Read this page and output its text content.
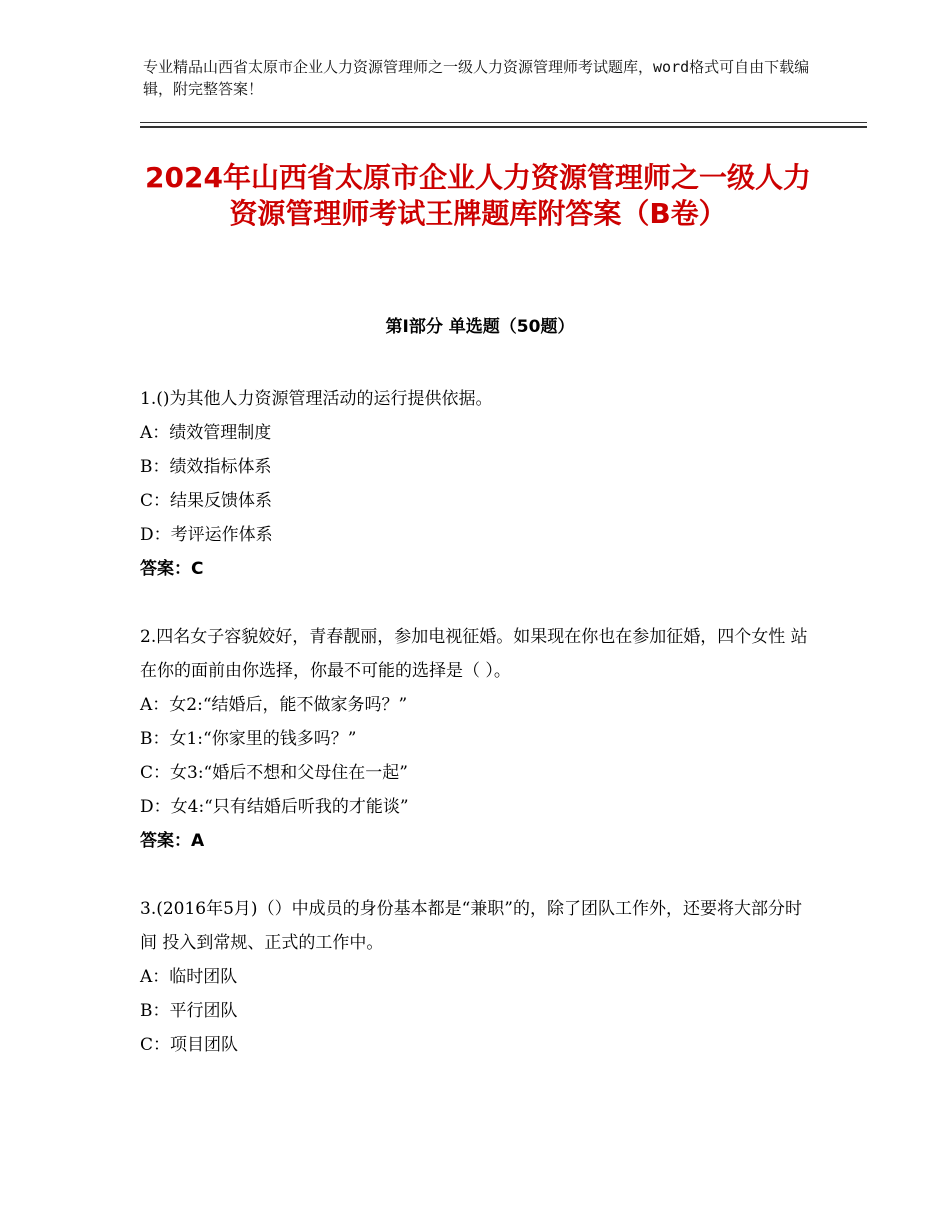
专业精品山西省太原市企业人力资源管理师之一级人力资源管理师考试题库，word格式可自由下载编辑，附完整答案！
2024年山西省太原市企业人力资源管理师之一级人力资源管理师考试王牌题库附答案（B卷）
第Ⅰ部分 单选题（50题）

1.()为其他人力资源管理活动的运行提供依据。

A：绩效管理制度

B：绩效指标体系

C：结果反馈体系

D：考评运作体系

答案：C

2.四名女子容貌姣好，青春靓丽，参加电视征婚。如果现在你也在参加征婚，四个女性 站在你的面前由你选择，你最不可能的选择是（ ）。

A：女2:“结婚后，能不做家务吗？”

B：女1:“你家里的钱多吗？”

C：女3:“婚后不想和父母住在一起”

D：女4:“只有结婚后听我的才能谈”

答案：A

3.(2016年5月)（）中成员的身份基本都是“兼职”的，除了团队工作外，还要将大部分时间 投入到常规、正式的工作中。

A：临时团队

B：平行团队

C：项目团队
